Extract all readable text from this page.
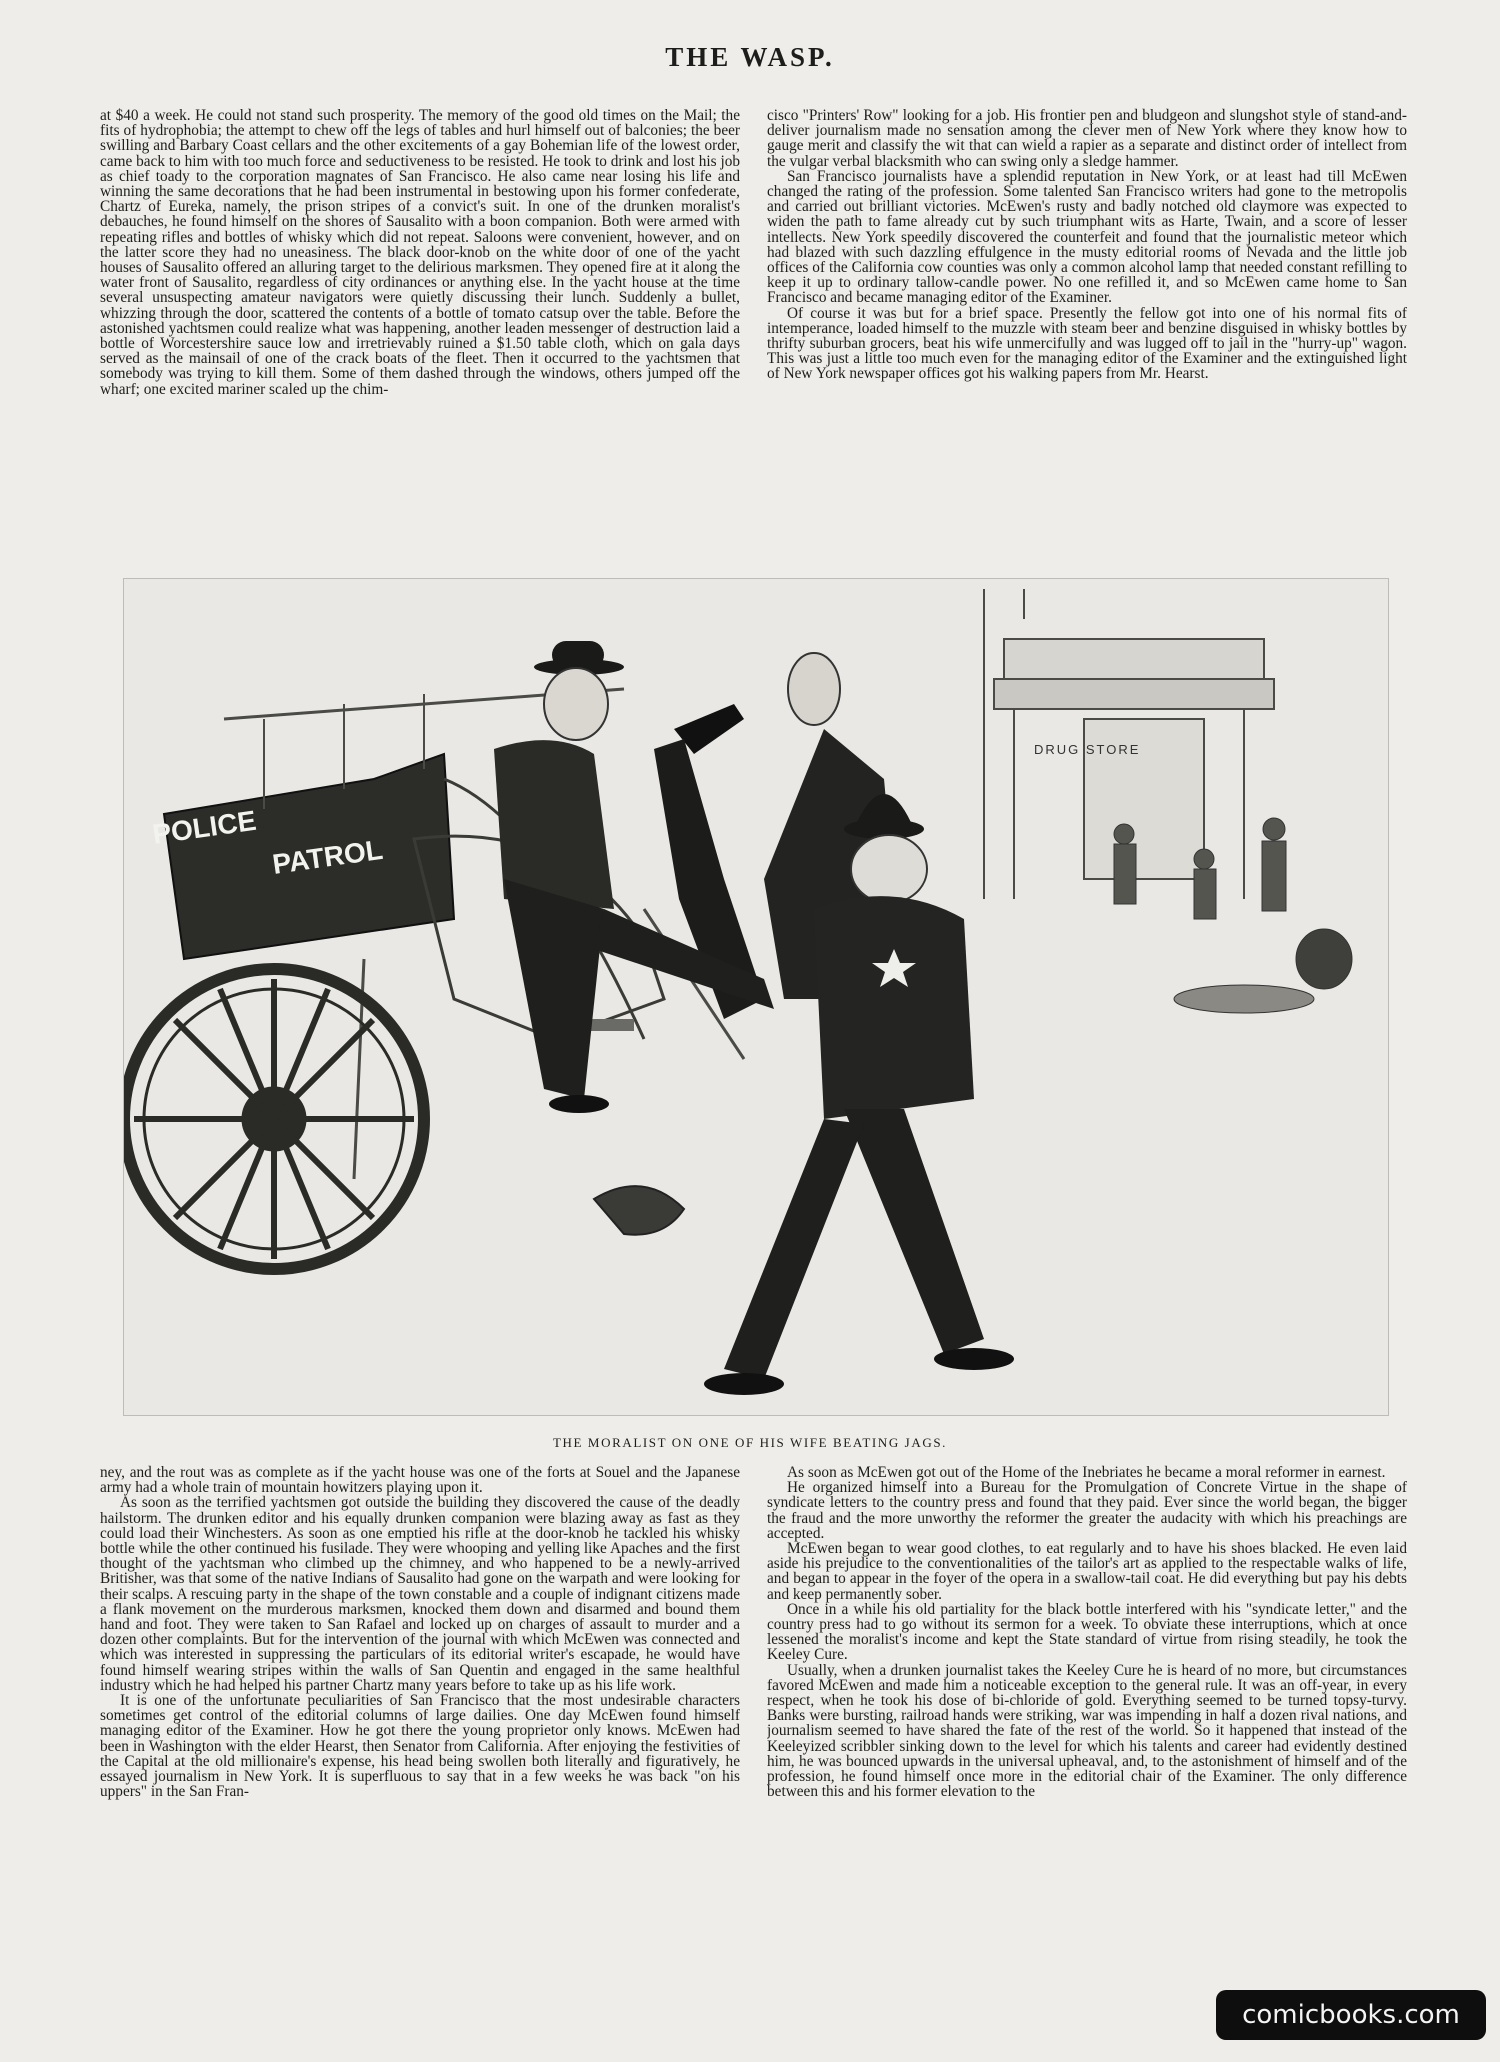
THE WASP.

at $40 a week. He could not stand such prosperity. The memory of the good old times on the Mail; the fits of hydrophobia; the attempt to chew off the legs of tables and hurl himself out of balconies; the beer swilling and Barbary Coast cellars and the other excitements of a gay Bohemian life of the lowest order, came back to him with too much force and seductiveness to be resisted. He took to drink and lost his job as chief toady to the corporation magnates of San Francisco. He also came near losing his life and winning the same decorations that he had been instrumental in bestowing upon his former confederate, Chartz of Eureka, namely, the prison stripes of a convict's suit. In one of the drunken moralist's debauches, he found himself on the shores of Sausalito with a boon companion. Both were armed with repeating rifles and bottles of whisky which did not repeat. Saloons were convenient, however, and on the latter score they had no uneasiness. The black door-knob on the white door of one of the yacht houses of Sausalito offered an alluring target to the delirious marksmen. They opened fire at it along the water front of Sausalito, regardless of city ordinances or anything else. In the yacht house at the time several unsuspecting amateur navigators were quietly discussing their lunch. Suddenly a bullet, whizzing through the door, scattered the contents of a bottle of tomato catsup over the table. Before the astonished yachtsmen could realize what was happening, another leaden messenger of destruction laid a bottle of Worcestershire sauce low and irretrievably ruined a $1.50 table cloth, which on gala days served as the mainsail of one of the crack boats of the fleet. Then it occurred to the yachtsmen that somebody was trying to kill them. Some of them dashed through the windows, others jumped off the wharf; one excited mariner scaled up the chim-

cisco "Printers' Row" looking for a job. His frontier pen and bludgeon and slungshot style of stand-and-deliver journalism made no sensation among the clever men of New York where they know how to gauge merit and classify the wit that can wield a rapier as a separate and distinct order of intellect from the vulgar verbal blacksmith who can swing only a sledge hammer.

San Francisco journalists have a splendid reputation in New York, or at least had till McEwen changed the rating of the profession. Some talented San Francisco writers had gone to the metropolis and carried out brilliant victories. McEwen's rusty and badly notched old claymore was expected to widen the path to fame already cut by such triumphant wits as Harte, Twain, and a score of lesser intellects. New York speedily discovered the counterfeit and found that the journalistic meteor which had blazed with such dazzling effulgence in the musty editorial rooms of Nevada and the little job offices of the California cow counties was only a common alcohol lamp that needed constant refilling to keep it up to ordinary tallow-candle power. No one refilled it, and so McEwen came home to San Francisco and became managing editor of the Examiner.

Of course it was but for a brief space. Presently the fellow got into one of his normal fits of intemperance, loaded himself to the muzzle with steam beer and benzine disguised in whisky bottles by thrifty suburban grocers, beat his wife unmercifully and was lugged off to jail in the "hurry-up" wagon. This was just a little too much even for the managing editor of the Examiner and the extinguished light of New York newspaper offices got his walking papers from Mr. Hearst.

DRUG STORE
POLICE
PATROL
THE MORALIST ON ONE OF HIS WIFE BEATING JAGS.

ney, and the rout was as complete as if the yacht house was one of the forts at Souel and the Japanese army had a whole train of mountain howitzers playing upon it.

As soon as the terrified yachtsmen got outside the building they discovered the cause of the deadly hailstorm. The drunken editor and his equally drunken companion were blazing away as fast as they could load their Winchesters. As soon as one emptied his rifle at the door-knob he tackled his whisky bottle while the other continued his fusilade. They were whooping and yelling like Apaches and the first thought of the yachtsman who climbed up the chimney, and who happened to be a newly-arrived Britisher, was that some of the native Indians of Sausalito had gone on the warpath and were looking for their scalps. A rescuing party in the shape of the town constable and a couple of indignant citizens made a flank movement on the murderous marksmen, knocked them down and disarmed and bound them hand and foot. They were taken to San Rafael and locked up on charges of assault to murder and a dozen other complaints. But for the intervention of the journal with which McEwen was connected and which was interested in suppressing the particulars of its editorial writer's escapade, he would have found himself wearing stripes within the walls of San Quentin and engaged in the same healthful industry which he had helped his partner Chartz many years before to take up as his life work.

It is one of the unfortunate peculiarities of San Francisco that the most undesirable characters sometimes get control of the editorial columns of large dailies. One day McEwen found himself managing editor of the Examiner. How he got there the young proprietor only knows. McEwen had been in Washington with the elder Hearst, then Senator from California. After enjoying the festivities of the Capital at the old millionaire's expense, his head being swollen both literally and figuratively, he essayed journalism in New York. It is superfluous to say that in a few weeks he was back "on his uppers" in the San Fran-

As soon as McEwen got out of the Home of the Inebriates he became a moral reformer in earnest.

He organized himself into a Bureau for the Promulgation of Concrete Virtue in the shape of syndicate letters to the country press and found that they paid. Ever since the world began, the bigger the fraud and the more unworthy the reformer the greater the audacity with which his preachings are accepted.

McEwen began to wear good clothes, to eat regularly and to have his shoes blacked. He even laid aside his prejudice to the conventionalities of the tailor's art as applied to the respectable walks of life, and began to appear in the foyer of the opera in a swallow-tail coat. He did everything but pay his debts and keep permanently sober.

Once in a while his old partiality for the black bottle interfered with his "syndicate letter," and the country press had to go without its sermon for a week. To obviate these interruptions, which at once lessened the moralist's income and kept the State standard of virtue from rising steadily, he took the Keeley Cure.

Usually, when a drunken journalist takes the Keeley Cure he is heard of no more, but circumstances favored McEwen and made him a noticeable exception to the general rule. It was an off-year, in every respect, when he took his dose of bi-chloride of gold. Everything seemed to be turned topsy-turvy. Banks were bursting, railroad hands were striking, war was impending in half a dozen rival nations, and journalism seemed to have shared the fate of the rest of the world. So it happened that instead of the Keeleyized scribbler sinking down to the level for which his talents and career had evidently destined him, he was bounced upwards in the universal upheaval, and, to the astonishment of himself and of the profession, he found himself once more in the editorial chair of the Examiner. The only difference between this and his former elevation to the

comicbooks.com
